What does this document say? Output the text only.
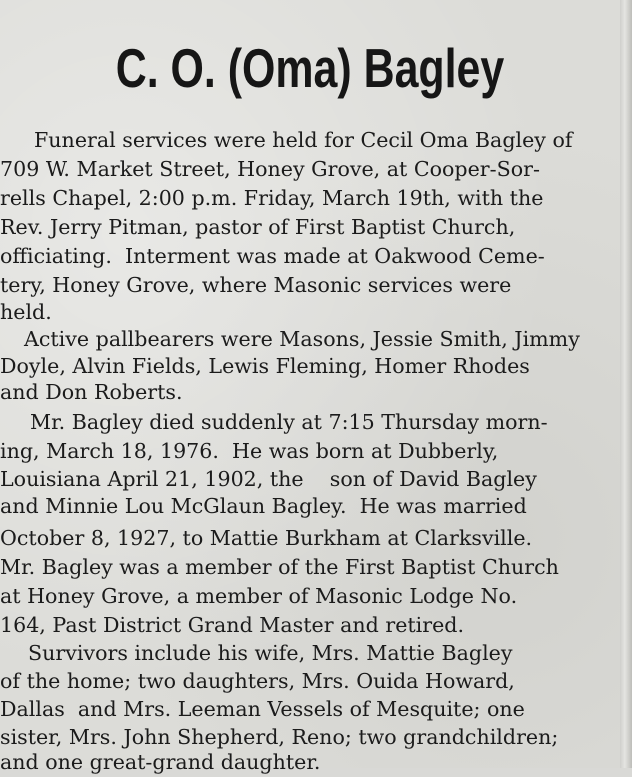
C. O. (Oma) Bagley
Funeral services were held for Cecil Oma Bagley of
709 W. Market Street, Honey Grove, at Cooper-Sor-
rells Chapel, 2:00 p.m. Friday, March 19th, with the
Rev. Jerry Pitman, pastor of First Baptist Church,
officiating.  Interment was made at Oakwood Ceme-
tery, Honey Grove, where Masonic services were
held.
Active pallbearers were Masons, Jessie Smith, Jimmy
Doyle, Alvin Fields, Lewis Fleming, Homer Rhodes
and Don Roberts.
Mr. Bagley died suddenly at 7:15 Thursday morn-
ing, March 18, 1976.  He was born at Dubberly,
Louisiana April 21, 1902, the    son of David Bagley
and Minnie Lou McGlaun Bagley.  He was married
October 8, 1927, to Mattie Burkham at Clarksville.
Mr. Bagley was a member of the First Baptist Church
at Honey Grove, a member of Masonic Lodge No.
164, Past District Grand Master and retired.
Survivors include his wife, Mrs. Mattie Bagley
of the home; two daughters, Mrs. Ouida Howard,
Dallas  and Mrs. Leeman Vessels of Mesquite; one
sister, Mrs. John Shepherd, Reno; two grandchildren;
and one great-grand daughter.
